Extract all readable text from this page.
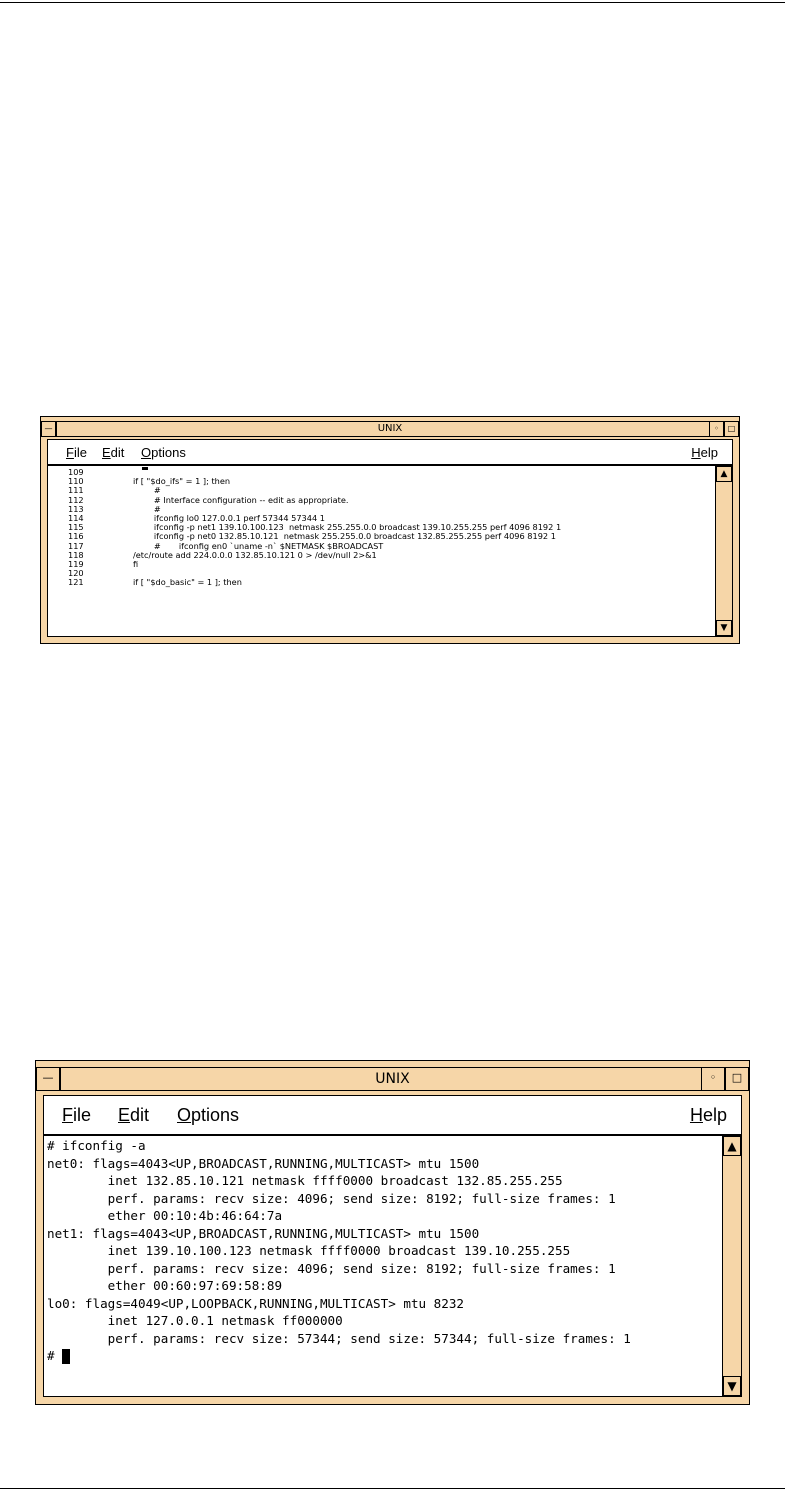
—	UNIX	◦	□
File Edit Options	Help
109
110	if [ "$do_ifs" = 1 ]; then
111	#
112	# Interface configuration -- edit as appropriate.
113	#
114	ifconfig lo0 127.0.0.1 perf 57344 57344 1
115	ifconfig -p net1 139.10.100.123  netmask 255.255.0.0 broadcast 139.10.255.255 perf 4096 8192 1
116	ifconfig -p net0 132.85.10.121  netmask 255.255.0.0 broadcast 132.85.255.255 perf 4096 8192 1
117	#       ifconfig en0 `uname -n` $NETMASK $BROADCAST
118	/etc/route add 224.0.0.0 132.85.10.121 0 > /dev/null 2>&1
119	fi
120
121	if [ "$do_basic" = 1 ]; then
▲
▼
—	UNIX	◦	□
File Edit Options	Help
# ifconfig -a
net0: flags=4043<UP,BROADCAST,RUNNING,MULTICAST> mtu 1500
inet 132.85.10.121 netmask ffff0000 broadcast 132.85.255.255
perf. params: recv size: 4096; send size: 8192; full-size frames: 1
ether 00:10:4b:46:64:7a
net1: flags=4043<UP,BROADCAST,RUNNING,MULTICAST> mtu 1500
inet 139.10.100.123 netmask ffff0000 broadcast 139.10.255.255
perf. params: recv size: 4096; send size: 8192; full-size frames: 1
ether 00:60:97:69:58:89
lo0: flags=4049<UP,LOOPBACK,RUNNING,MULTICAST> mtu 8232
inet 127.0.0.1 netmask ff000000
perf. params: recv size: 57344; send size: 57344; full-size frames: 1
#
▲
▼
